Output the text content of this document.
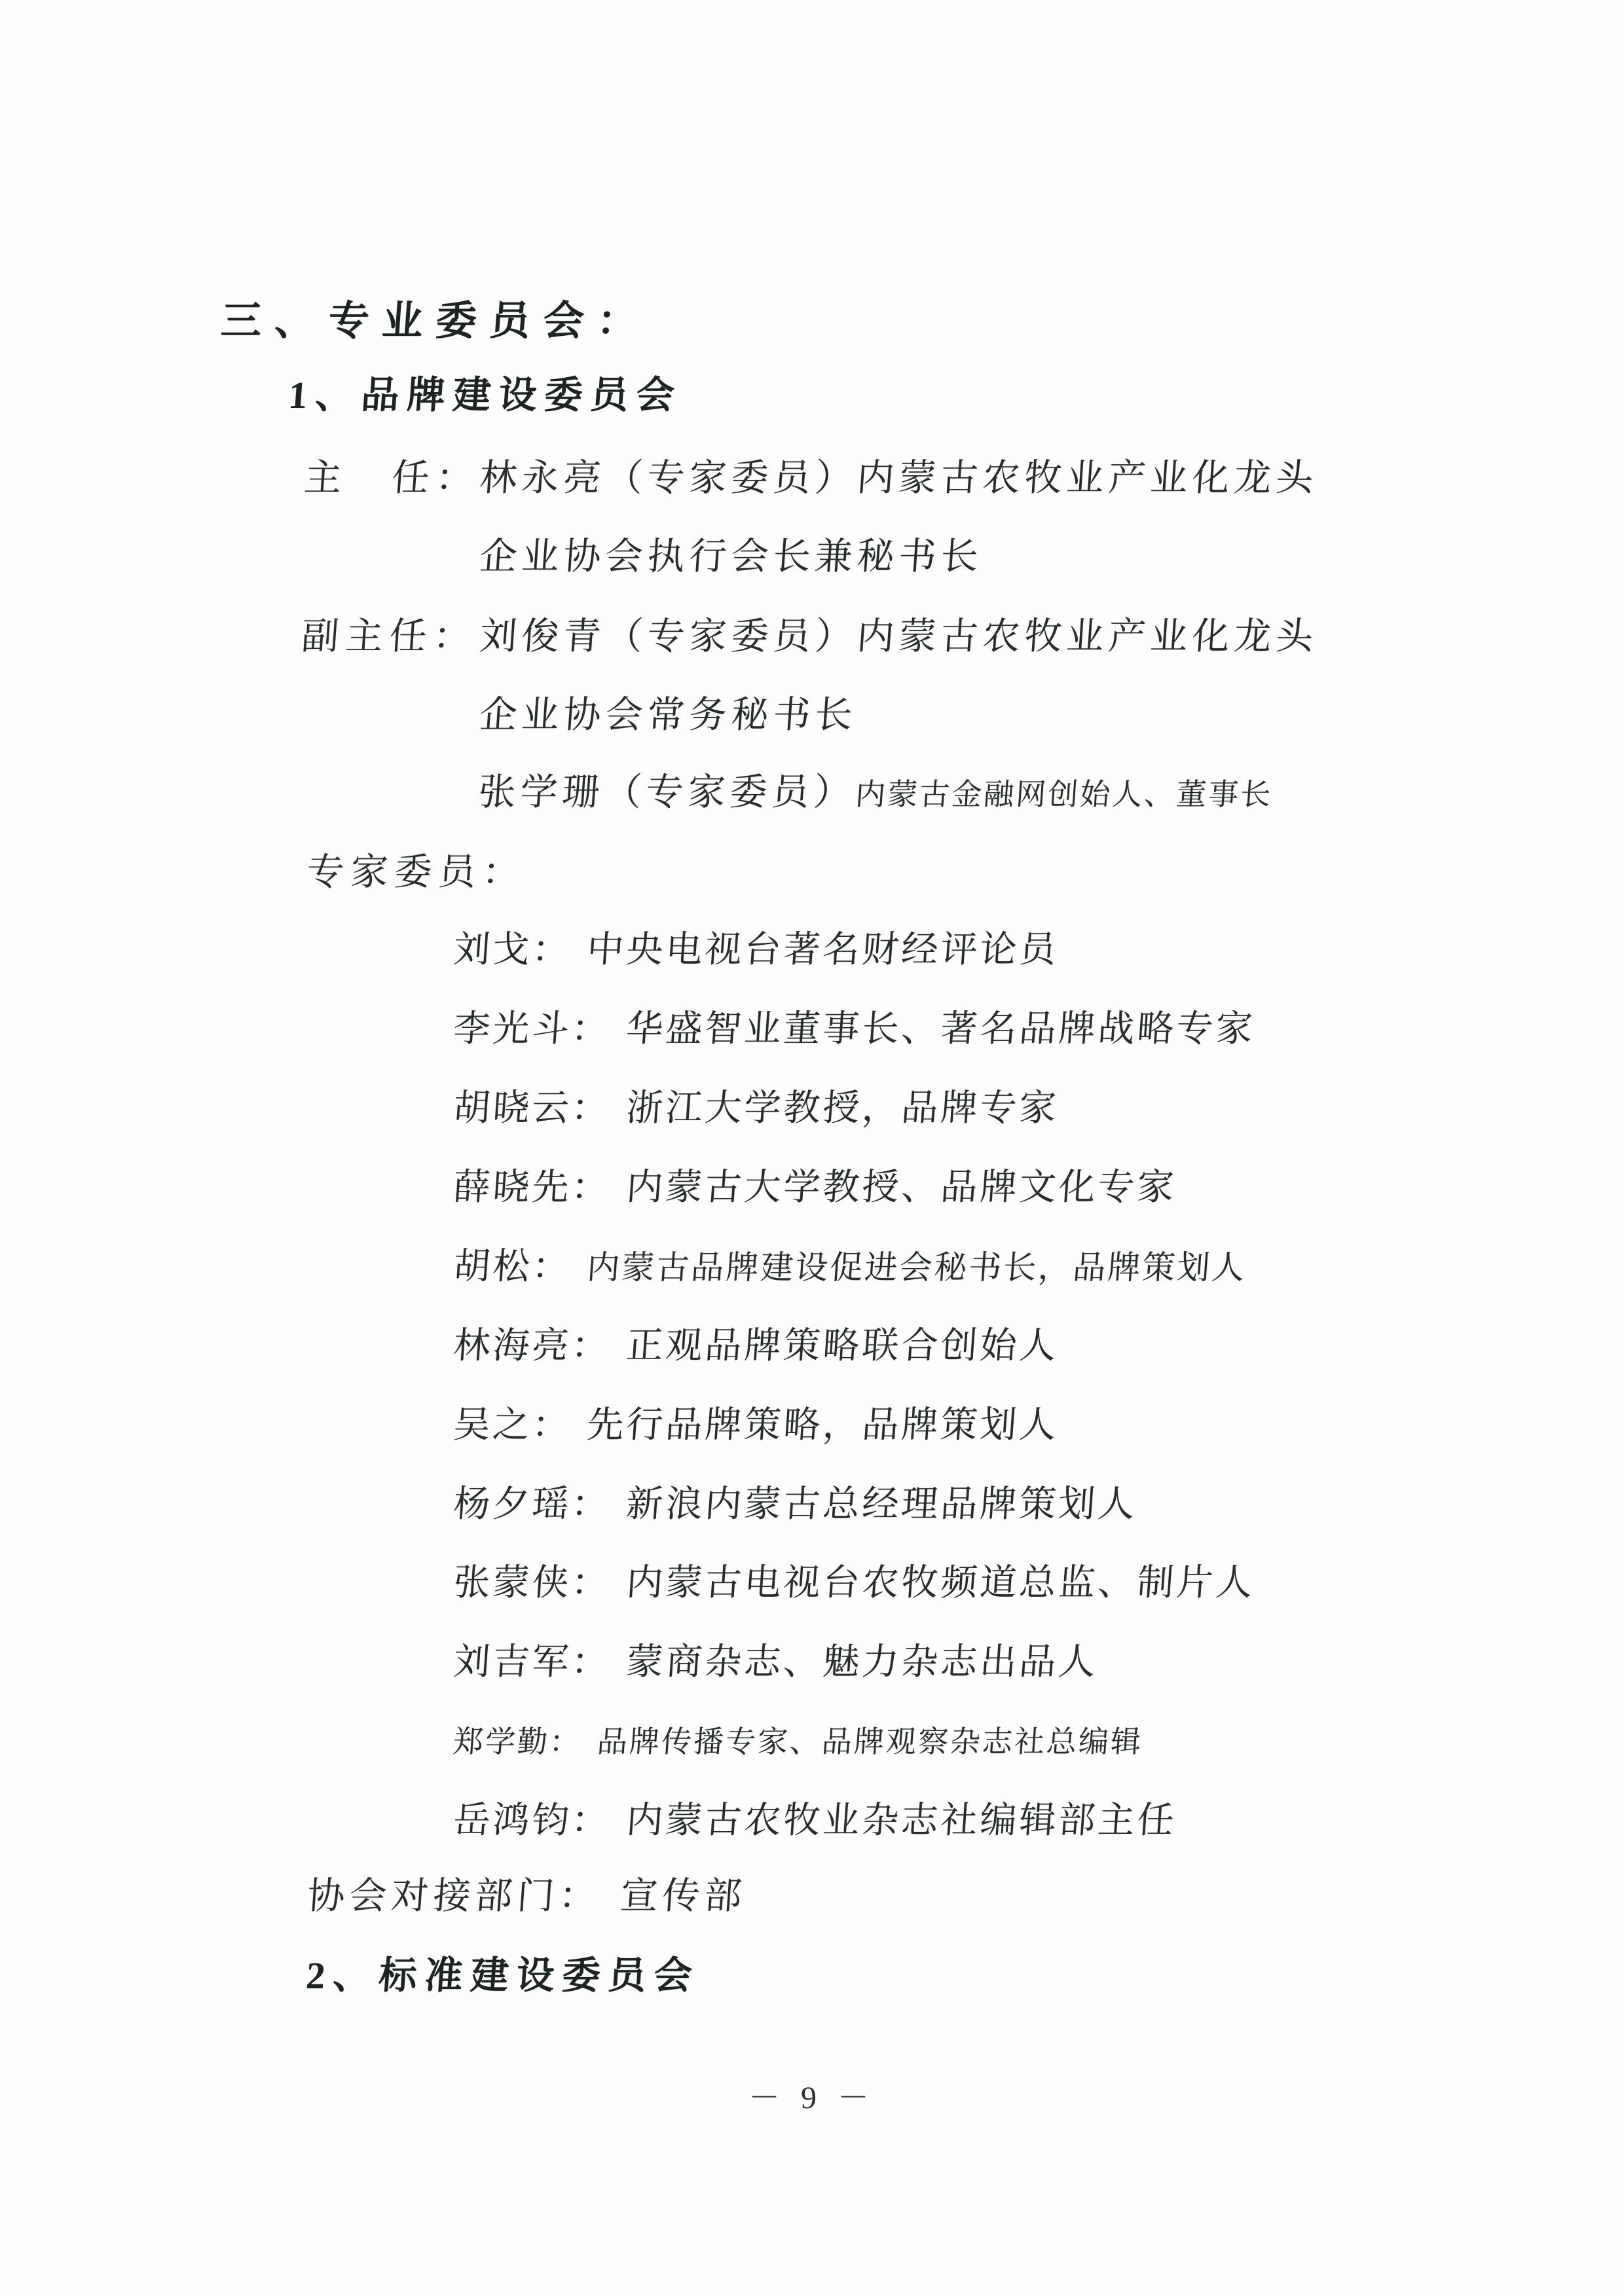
三、专业委员会：
1、品牌建设委员会
主　任：
林永亮（专家委员）内蒙古农牧业产业化龙头
企业协会执行会长兼秘书长
副主任： 刘俊青（专家委员）内蒙古农牧业产业化龙头
企业协会常务秘书长
张学珊（专家委员）内蒙古金融网创始人、董事长
专家委员：
刘戈： 中央电视台著名财经评论员
李光斗： 华盛智业董事长、著名品牌战略专家
胡晓云： 浙江大学教授，品牌专家
薛晓先： 内蒙古大学教授、品牌文化专家
胡松： 内蒙古品牌建设促进会秘书长，品牌策划人
林海亮： 正观品牌策略联合创始人
吴之： 先行品牌策略，品牌策划人
杨夕瑶： 新浪内蒙古总经理品牌策划人
张蒙侠： 内蒙古电视台农牧频道总监、制片人
刘吉军： 蒙商杂志、魅力杂志出品人
郑学勤： 品牌传播专家、品牌观察杂志社总编辑
岳鸿钧： 内蒙古农牧业杂志社编辑部主任
协会对接部门： 宣传部
2、标准建设委员会
－ 9 －
